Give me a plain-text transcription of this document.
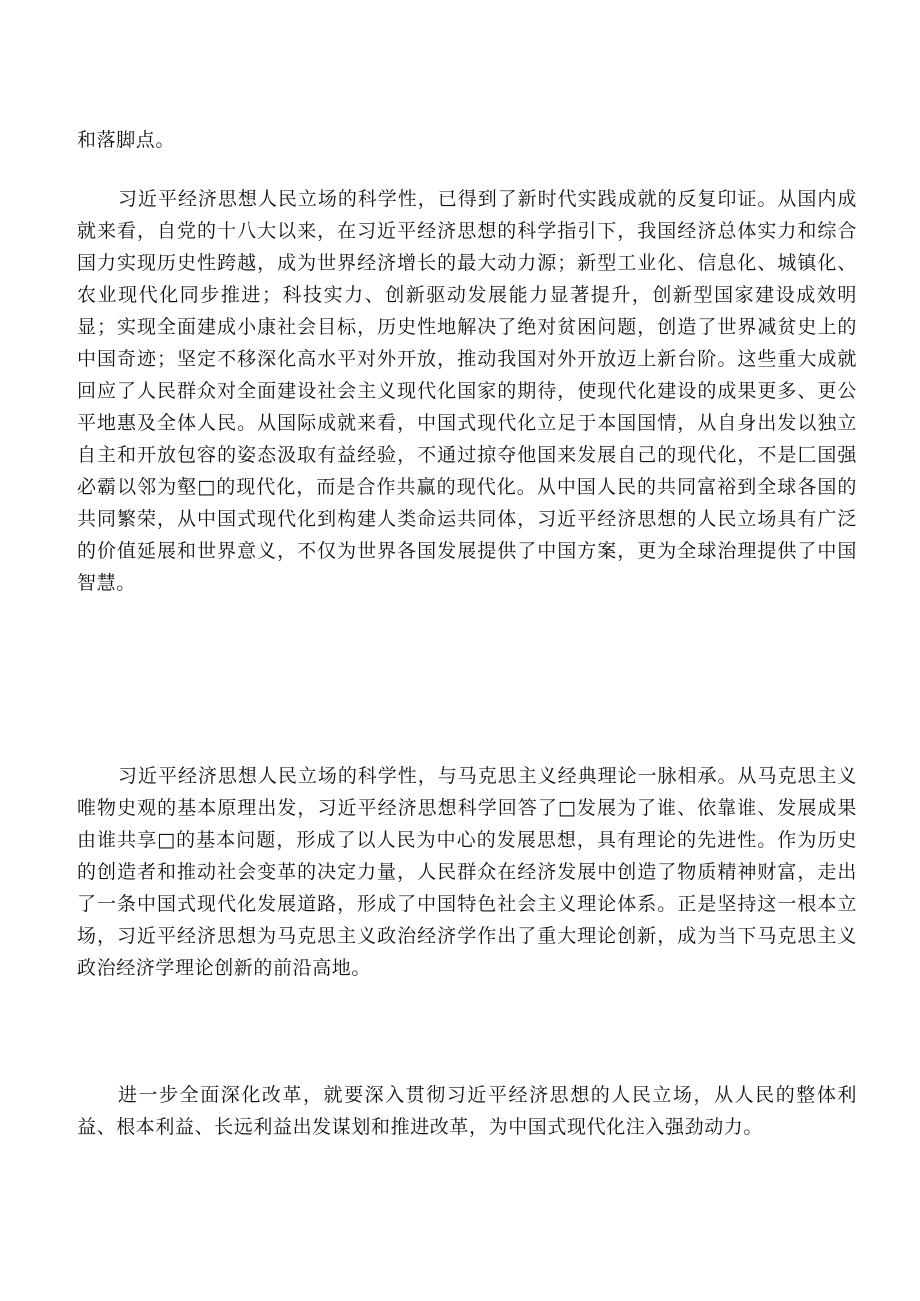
和落脚点。

习近平经济思想人民立场的科学性，已得到了新时代实践成就的反复印证。从国内成就来看，自党的十八大以来，在习近平经济思想的科学指引下，我国经济总体实力和综合国力实现历史性跨越，成为世界经济增长的最大动力源；新型工业化、信息化、城镇化、农业现代化同步推进；科技实力、创新驱动发展能力显著提升，创新型国家建设成效明显；实现全面建成小康社会目标，历史性地解决了绝对贫困问题，创造了世界减贫史上的中国奇迹；坚定不移深化高水平对外开放，推动我国对外开放迈上新台阶。这些重大成就回应了人民群众对全面建设社会主义现代化国家的期待，使现代化建设的成果更多、更公平地惠及全体人民。从国际成就来看，中国式现代化立足于本国国情，从自身出发以独立自主和开放包容的姿态汲取有益经验，不通过掠夺他国来发展自己的现代化，不是匚国强必霸以邻为壑□的现代化，而是合作共赢的现代化。从中国人民的共同富裕到全球各国的共同繁荣，从中国式现代化到构建人类命运共同体，习近平经济思想的人民立场具有广泛的价值延展和世界意义，不仅为世界各国发展提供了中国方案，更为全球治理提供了中国智慧。

习近平经济思想人民立场的科学性，与马克思主义经典理论一脉相承。从马克思主义唯物史观的基本原理出发，习近平经济思想科学回答了□发展为了谁、依靠谁、发展成果由谁共享□的基本问题，形成了以人民为中心的发展思想，具有理论的先进性。作为历史的创造者和推动社会变革的决定力量，人民群众在经济发展中创造了物质精神财富，走出了一条中国式现代化发展道路，形成了中国特色社会主义理论体系。正是坚持这一根本立场，习近平经济思想为马克思主义政治经济学作出了重大理论创新，成为当下马克思主义政治经济学理论创新的前沿高地。

进一步全面深化改革，就要深入贯彻习近平经济思想的人民立场，从人民的整体利益、根本利益、长远利益出发谋划和推进改革，为中国式现代化注入强劲动力。
